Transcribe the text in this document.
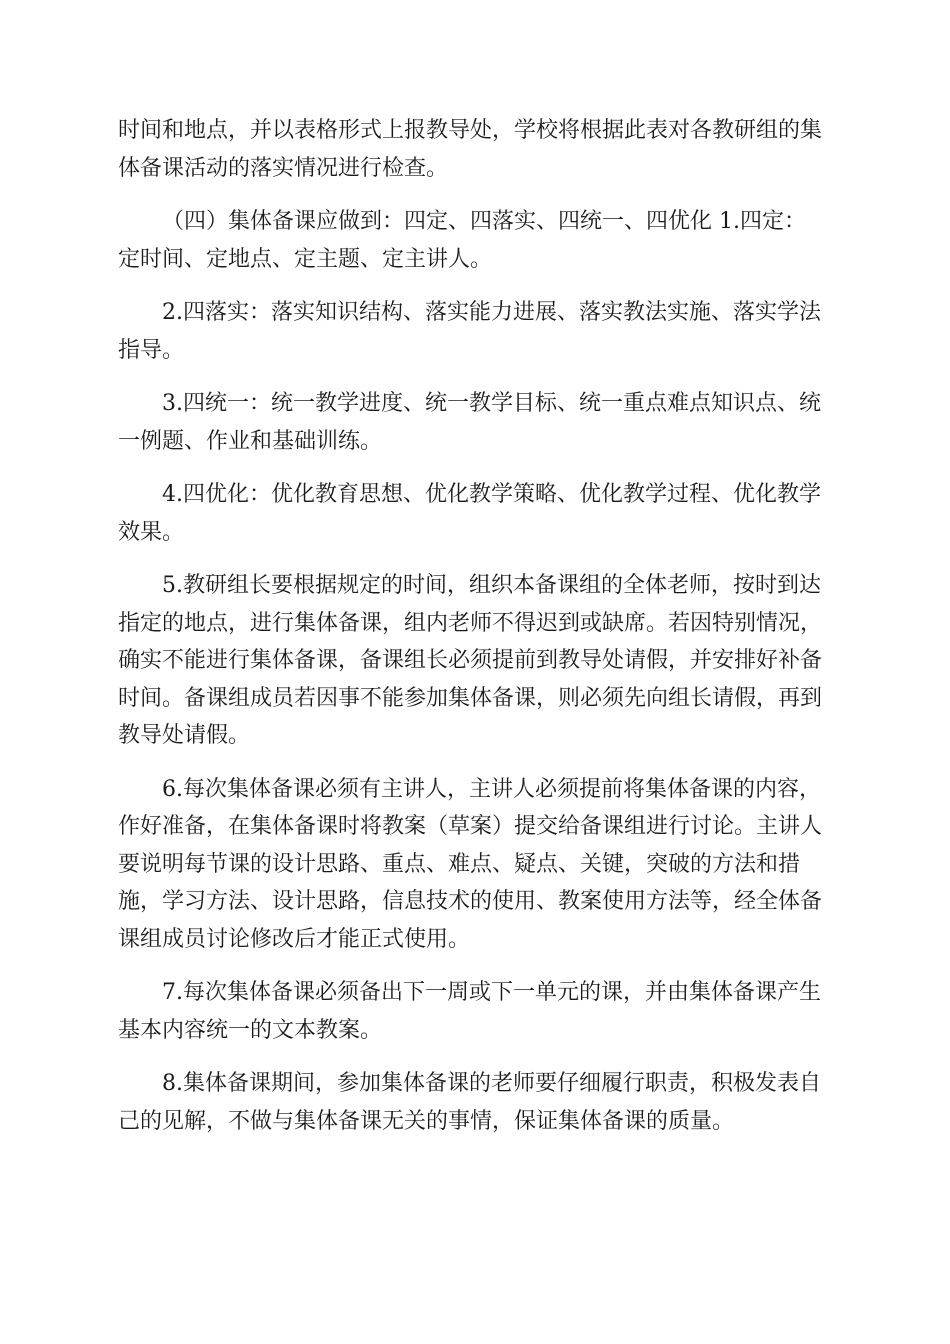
时间和地点，并以表格形式上报教导处，学校将根据此表对各教研组的集
体备课活动的落实情况进行检查。

（四）集体备课应做到：四定、四落实、四统一、四优化 1.四定：
定时间、定地点、定主题、定主讲人。

2.四落实：落实知识结构、落实能力进展、落实教法实施、落实学法
指导。

3.四统一：统一教学进度、统一教学目标、统一重点难点知识点、统
一例题、作业和基础训练。

4.四优化：优化教育思想、优化教学策略、优化教学过程、优化教学
效果。

5.教研组长要根据规定的时间，组织本备课组的全体老师，按时到达
指定的地点，进行集体备课，组内老师不得迟到或缺席。若因特别情况，
确实不能进行集体备课，备课组长必须提前到教导处请假，并安排好补备
时间。备课组成员若因事不能参加集体备课，则必须先向组长请假，再到
教导处请假。

6.每次集体备课必须有主讲人，主讲人必须提前将集体备课的内容，
作好准备，在集体备课时将教案（草案）提交给备课组进行讨论。主讲人
要说明每节课的设计思路、重点、难点、疑点、关键，突破的方法和措
施，学习方法、设计思路，信息技术的使用、教案使用方法等，经全体备
课组成员讨论修改后才能正式使用。

7.每次集体备课必须备出下一周或下一单元的课，并由集体备课产生
基本内容统一的文本教案。

8.集体备课期间，参加集体备课的老师要仔细履行职责，积极发表自
己的见解，不做与集体备课无关的事情，保证集体备课的质量。
